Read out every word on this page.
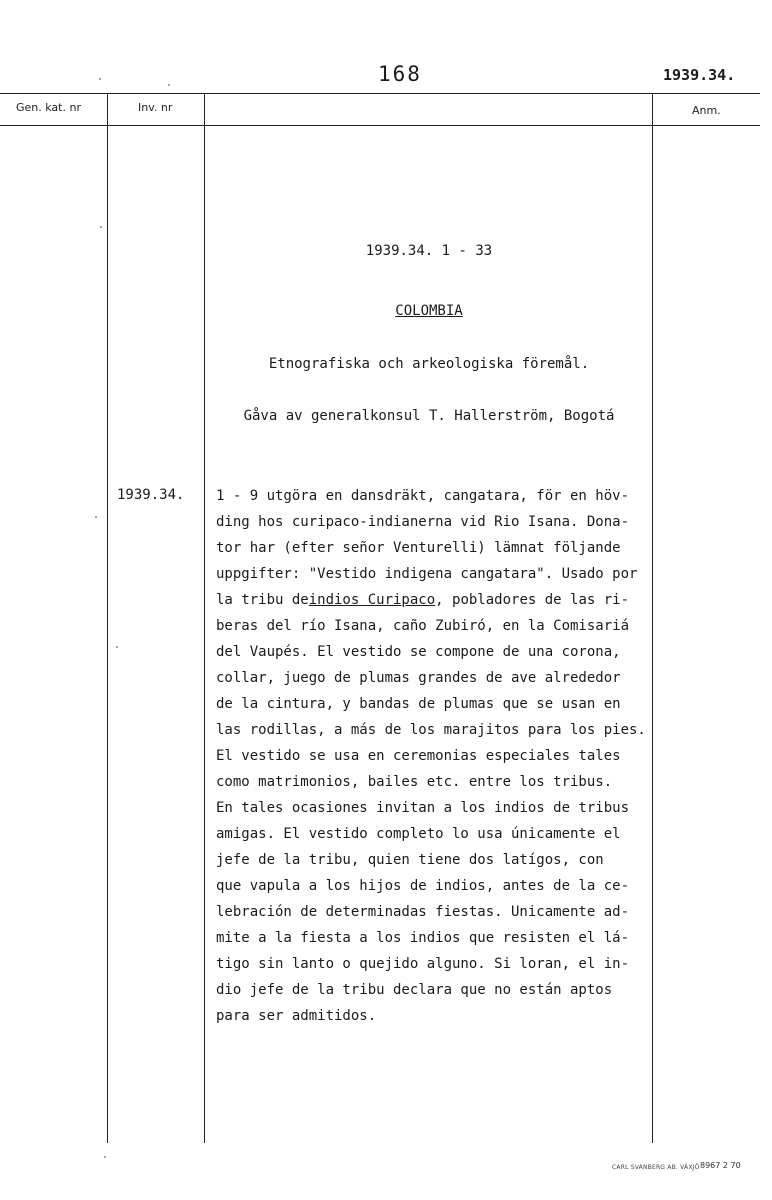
168	1939.34.
Gen. kat. nr	Inv. nr	Anm.
1939.34. 1 - 33
COLOMBIA
Etnografiska och arkeologiska föremål.
Gåva av generalkonsul T. Hallerström, Bogotá
1939.34. 1 - 9 utgöra en dansdräkt, cangatara, för en höv-
ding hos curipaco-indianerna vid Rio Isana. Dona-
tor har (efter señor Venturelli) lämnat följande
uppgifter: "Vestido indigena cangatara". Usado por
la tribu deindios Curipaco, pobladores de las ri-
beras del río Isana, caño Zubiró, en la Comisariá
del Vaupés. El vestido se compone de una corona,
collar, juego de plumas grandes de ave alrededor
de la cintura, y bandas de plumas que se usan en
las rodillas, a más de los marajitos para los pies.
El vestido se usa en ceremonias especiales tales
como matrimonios, bailes etc. entre los tribus.
En tales ocasiones invitan a los indios de tribus
amigas. El vestido completo lo usa únicamente el
jefe de la tribu, quien tiene dos latígos, con
que vapula a los hijos de indios, antes de la ce-
lebración de determinadas fiestas. Unicamente ad-
mite a la fiesta a los indios que resisten el lá-
tigo sin lanto o quejido alguno. Si loran, el in-
dio jefe de la tribu declara que no están aptos
para ser admitidos.
CARL SVANBERG AB. VÄXJÖ 8967 2 70
